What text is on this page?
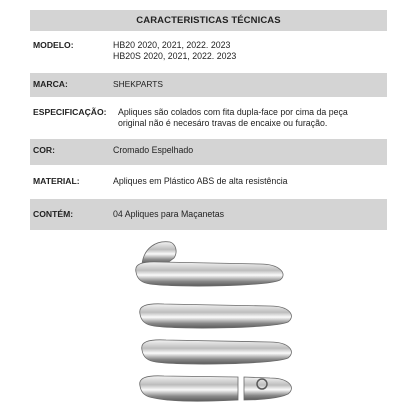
CARACTERISTICAS TÉCNICAS
MODELO:	HB20 2020, 2021, 2022. 2023
HB20S 2020, 2021, 2022. 2023
MARCA:	SHEKPARTS
ESPECIFICAÇÃO:	Apliques são colados com fita dupla-face por cima da peça
original não é necesáro travas de encaixe ou furação.
COR:	Cromado Espelhado
MATERIAL:	Apliques em Plástico ABS de alta resistência
CONTÉM:	04 Apliques para Maçanetas
